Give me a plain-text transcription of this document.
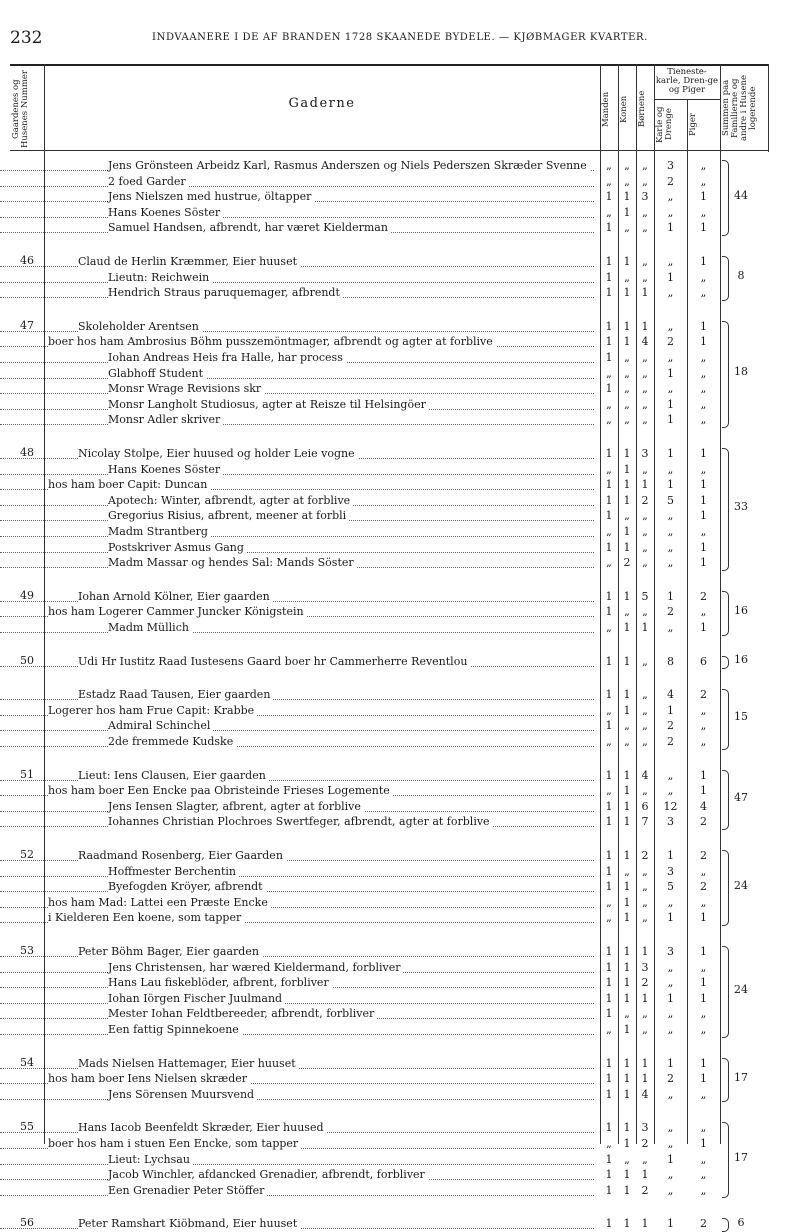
232	INDVAANERE I DE AF BRANDEN 1728 SKAANEDE BYDELE. — KJØBMAGER KVARTER.
Gaardenes og Husenes Nummer	Gaderne	Manden Konen Børnene
Tieneste-karle, Dren-ge og Piger
Karle og Drenge	Piger	Summen paa Familierne og andre i Husene logerende
Jens Grönsteen Arbeidz Karl, Rasmus Anderszen og Niels Pederszen Skræder Svenne	„	„	„	3	„
2 foed Garder	„	„	„	2	„
Jens Nielszen med hustrue, öltapper	1	1	3	„	1
Hans Koenes Söster	„	1	„	„	„
Samuel Handsen, afbrendt, har været Kielderman	1	„	„	1	1
44
46	Claud de Herlin Kræmmer, Eier huuset	1	1	„	„	1
Lieutn: Reichwein	1	„	„	1	„
Hendrich Straus paruquemager, afbrendt	1	1	1	„	„
8
47	Skoleholder Arentsen	1	1	1	„	1
boer hos ham Ambrosius Böhm pusszemöntmager, afbrendt og agter at forblive	1	1	4	2	1
Iohan Andreas Heis fra Halle, har process	1	„	„	„	„
Glabhoff Student	„	„	„	1	„
Monsr Wrage Revisions skr	1	„	„	„	„
Monsr Langholt Studiosus, agter at Reisze til Helsingöer	„	„	„	1	„
Monsr Adler skriver	„	„	„	1	„
18
48	Nicolay Stolpe, Eier huused og holder Leie vogne	1	1	3	1	1
Hans Koenes Söster	„	1	„	„	„
hos ham boer Capit: Duncan	1	1	1	1	1
Apotech: Winter, afbrendt, agter at forblive	1	1	2	5	1
Gregorius Risius, afbrent, meener at forbli	1	„	„	„	1
Madm Strantberg	„	1	„	„	„
Postskriver Asmus Gang	1	1	„	„	1
Madm Massar og hendes Sal: Mands Söster	„	2	„	„	1
33
49	Iohan Arnold Kölner, Eier gaarden	1	1	5	1	2
hos ham Logerer Cammer Juncker Königstein	1	„	„	2	„
Madm Müllich	„	1	1	„	1
16
50	Udi Hr Iustitz Raad Iustesens Gaard boer hr Cammerherre Reventlou	1	1	„	8	6	16
Estadz Raad Tausen, Eier gaarden	1	1	„	4	2
Logerer hos ham Frue Capit: Krabbe	„	1	„	1	„
Admiral Schinchel	1	„	„	2	„
2de fremmede Kudske	„	„	„	2	„
15
51	Lieut: Iens Clausen, Eier gaarden	1	1	4	„	1
hos ham boer Een Encke paa Obristeinde Frieses Logemente	„	1	„	„	1
Jens Iensen Slagter, afbrent, agter at forblive	1	1	6	12	4
Iohannes Christian Plochroes Swertfeger, afbrendt, agter at forblive	1	1	7	3	2
47
52	Raadmand Rosenberg, Eier Gaarden	1	1	2	1	2
Hoffmester Berchentin	1	„	„	3	„
Byefogden Kröyer, afbrendt	1	1	„	5	2
hos ham Mad: Lattei een Præste Encke	„	1	„	„	„
i Kielderen Een koene, som tapper	„	1	„	1	1
24
53	Peter Böhm Bager, Eier gaarden	1	1	1	3	1
Jens Christensen, har wæred Kieldermand, forbliver	1	1	3	„	„
Hans Lau fiskeblöder, afbrent, forbliver	1	1	2	„	1
Iohan Iörgen Fischer Juulmand	1	1	1	1	1
Mester Iohan Feldtbereeder, afbrendt, forbliver	1	„	„	„	„
Een fattig Spinnekoene	„	1	„	„	„
24
54	Mads Nielsen Hattemager, Eier huuset	1	1	1	1	1
hos ham boer Iens Nielsen skræder	1	1	1	2	1
Jens Sörensen Muursvend	1	1	4	„	„
17
55	Hans Iacob Beenfeldt Skræder, Eier huused	1	1	3	„	„
boer hos ham i stuen Een Encke, som tapper	„	1	2	„	1
Lieut: Lychsau	1	„	„	1	„
Jacob Winchler, afdancked Grenadier, afbrendt, forbliver	1	1	1	„	„
Een Grenadier Peter Stöffer	1	1	2	„	„
17
56	Peter Ramshart Kiöbmand, Eier huuset	1	1	1	1	2	6
